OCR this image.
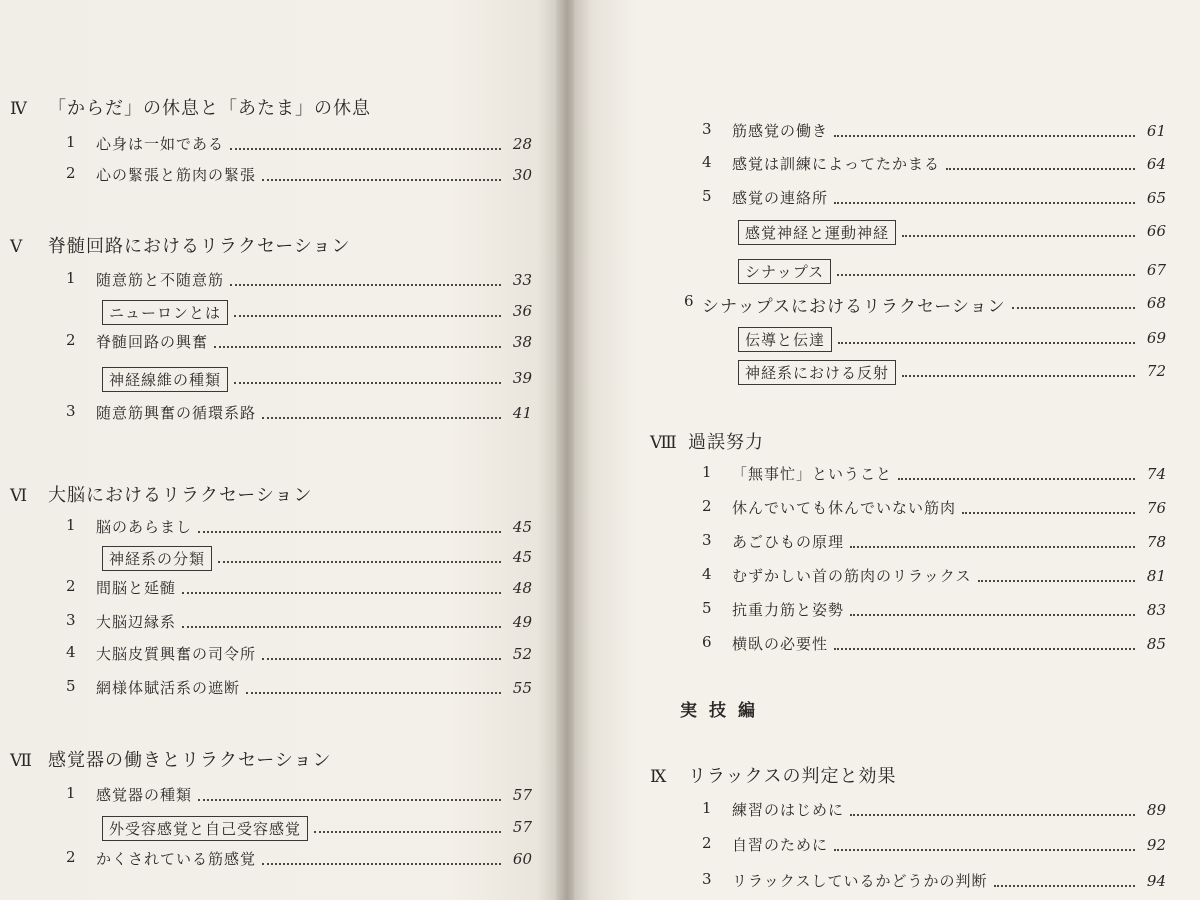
Ⅳ 「からだ」の休息と「あたま」の休息
1 心身は一如である	28
2 心の緊張と筋肉の緊張	30
Ⅴ 脊髄回路におけるリラクセーション
1 随意筋と不随意筋	33
ニューロンとは	36
2 脊髄回路の興奮	38
神経線維の種類	39
3 随意筋興奮の循環系路	41
Ⅵ 大脳におけるリラクセーション
1 脳のあらまし	45
神経系の分類	45
2 間脳と延髄	48
3 大脳辺縁系	49
4 大脳皮質興奮の司令所	52
5 網様体賦活系の遮断	55
Ⅶ 感覚器の働きとリラクセーション
1 感覚器の種類	57
外受容感覚と自己受容感覚	57
2 かくされている筋感覚	60
実技編
3 筋感覚の働き	61
4 感覚は訓練によってたかまる	64
5 感覚の連絡所	65
感覚神経と運動神経	66
シナップス	67
6 シナップスにおけるリラクセーション	68
伝導と伝達	69
神経系における反射	72
Ⅷ 過誤努力
1 「無事忙」ということ	74
2 休んでいても休んでいない筋肉	76
3 あごひもの原理	78
4 むずかしい首の筋肉のリラックス	81
5 抗重力筋と姿勢	83
6 横臥の必要性	85
Ⅸ リラックスの判定と効果
1 練習のはじめに	89
2 自習のために	92
3 リラックスしているかどうかの判断	94
